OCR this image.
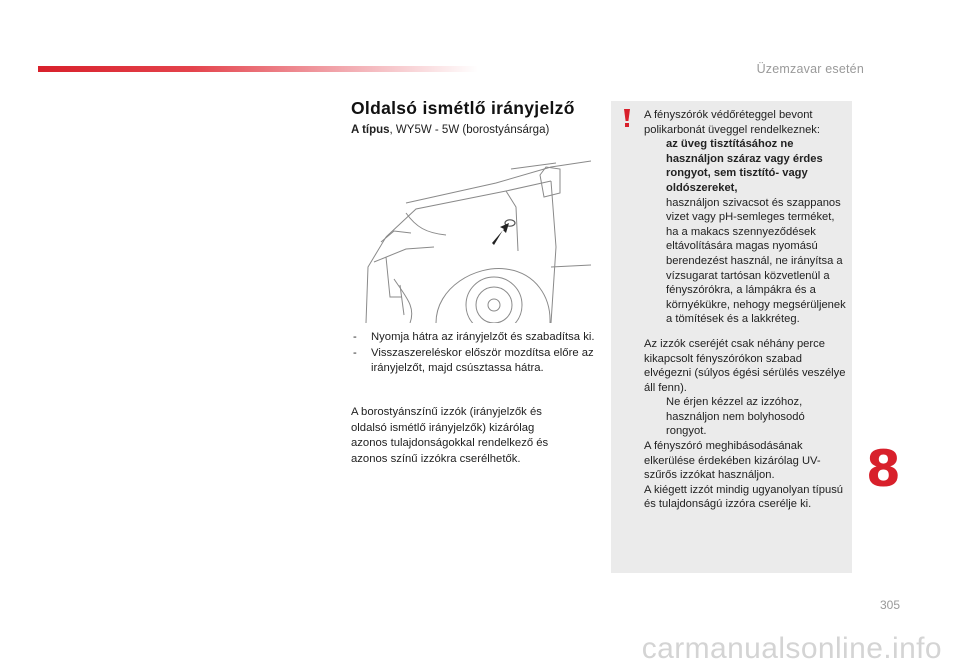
Üzemzavar esetén
Oldalsó ismétlő irányjelző
A típus, WY5W - 5W (borostyánsárga)
- Nyomja hátra az irányjelzőt és szabadítsa ki.
- Visszaszereléskor először mozdítsa előre az irányjelzőt, majd csúsztassa hátra.
A borostyánszínű izzók (irányjelzők és oldalsó ismétlő irányjelzők) kizárólag azonos tulajdonságokkal rendelkező és azonos színű izzókra cserélhetők.

A fényszórók védőréteggel bevont polikarbonát üveggel rendelkeznek:

az üveg tisztításához ne használjon száraz vagy érdes rongyot, sem tisztító- vagy oldószereket,
használjon szivacsot és szappanos vizet vagy pH-semleges terméket,
ha a makacs szennyeződések eltávolítására magas nyomású berendezést használ, ne irányítsa a vízsugarat tartósan közvetlenül a fényszórókra, a lámpákra és a környékükre, nehogy megsérüljenek a tömítések és a lakkréteg.

Az izzók cseréjét csak néhány perce kikapcsolt fényszórókon szabad elvégezni (súlyos égési sérülés veszélye áll fenn).

Ne érjen kézzel az izzóhoz, használjon nem bolyhosodó rongyot.

A fényszóró meghibásodásának elkerülése érdekében kizárólag UV-szűrős izzókat használjon.

A kiégett izzót mindig ugyanolyan típusú és tulajdonságú izzóra cserélje ki.

8
305
carmanualsonline.info
